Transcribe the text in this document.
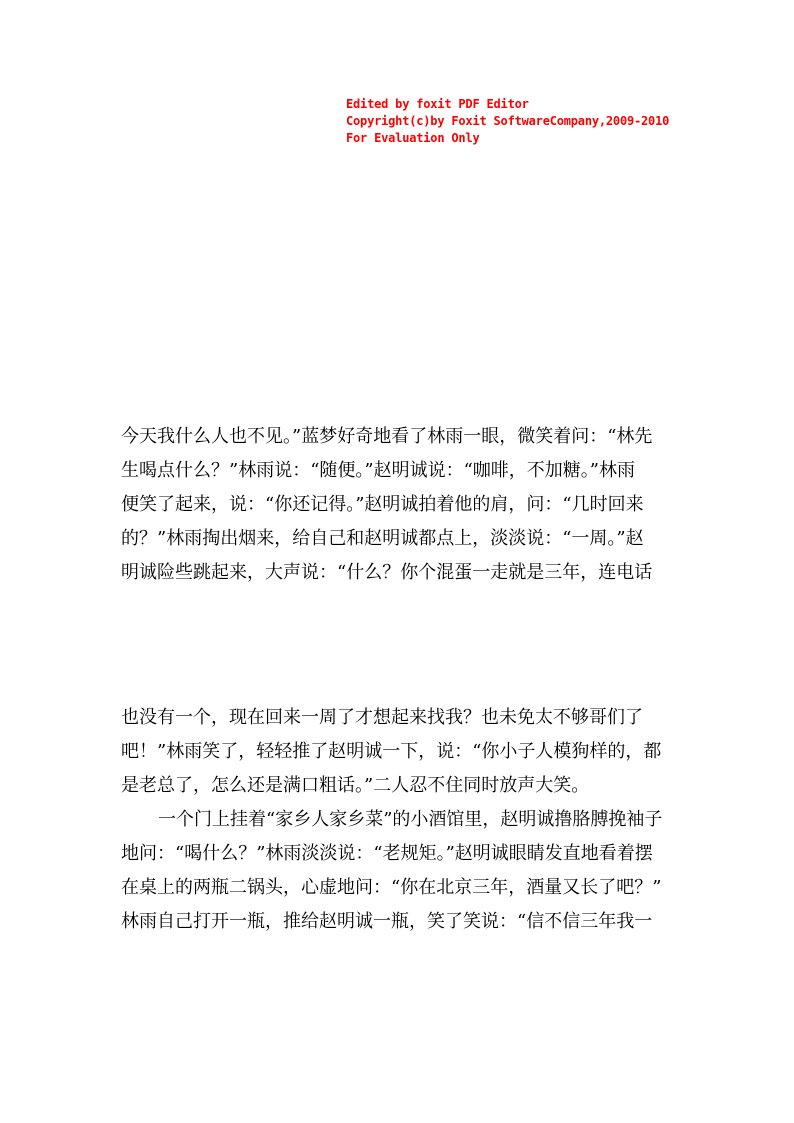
Edited by foxit PDF Editor
Copyright(c)by Foxit SoftwareCompany,2009-2010
For Evaluation Only
今天我什么人也不见。”蓝梦好奇地看了林雨一眼，微笑着问：“林先
生喝点什么？”林雨说：“随便。”赵明诚说：“咖啡，不加糖。”林雨
便笑了起来，说：“你还记得。”赵明诚拍着他的肩，问：“几时回来
的？”林雨掏出烟来，给自己和赵明诚都点上，淡淡说：“一周。”赵
明诚险些跳起来，大声说：“什么？你个混蛋一走就是三年，连电话
也没有一个，现在回来一周了才想起来找我？也未免太不够哥们了
吧！”林雨笑了，轻轻推了赵明诚一下，说：“你小子人模狗样的，都
是老总了，怎么还是满口粗话。”二人忍不住同时放声大笑。
一个门上挂着“家乡人家乡菜”的小酒馆里，赵明诚撸胳膊挽袖子
地问：“喝什么？”林雨淡淡说：“老规矩。”赵明诚眼睛发直地看着摆
在桌上的两瓶二锅头，心虚地问：“你在北京三年，酒量又长了吧？”
林雨自己打开一瓶，推给赵明诚一瓶，笑了笑说：“信不信三年我一
